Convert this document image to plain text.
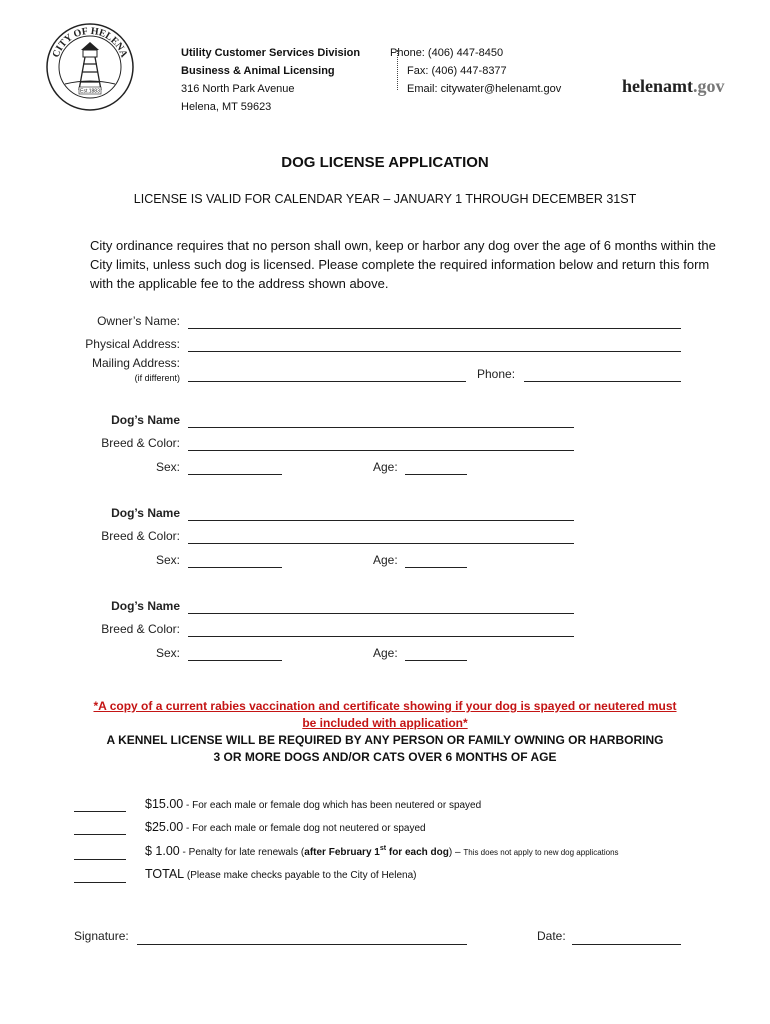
CITY OF HELENA
Est.1883
Utility Customer Services Division
Business & Animal Licensing
316 North Park Avenue
Helena, MT 59623
Phone: (406) 447-8450
Fax: (406) 447-8377
Email: citywater@helenamt.gov	helenamt.gov
DOG LICENSE APPLICATION
LICENSE IS VALID FOR CALENDAR YEAR – JANUARY 1 THROUGH DECEMBER 31ST
City ordinance requires that no person shall own, keep or harbor any dog over the age of 6 months within the City limits, unless such dog is licensed. Please complete the required information below and return this form with the applicable fee to the address shown above.
Owner’s Name:
Physical Address:
Mailing Address:
(if different)	Phone:
Dog’s Name
Breed & Color:
Sex:	Age:
Dog’s Name
Breed & Color:
Sex:	Age:
Dog’s Name
Breed & Color:
Sex:	Age:
*A copy of a current rabies vaccination and certificate showing if your dog is spayed or neutered must
be included with application*
A KENNEL LICENSE WILL BE REQUIRED BY ANY PERSON OR FAMILY OWNING OR HARBORING
3 OR MORE DOGS AND/OR CATS OVER 6 MONTHS OF AGE
$15.00 - For each male or female dog which has been neutered or spayed
$25.00 - For each male or female dog not neutered or spayed
$ 1.00 - Penalty for late renewals (after February 1st for each dog) – This does not apply to new dog applications
TOTAL (Please make checks payable to the City of Helena)
Signature:	Date:
